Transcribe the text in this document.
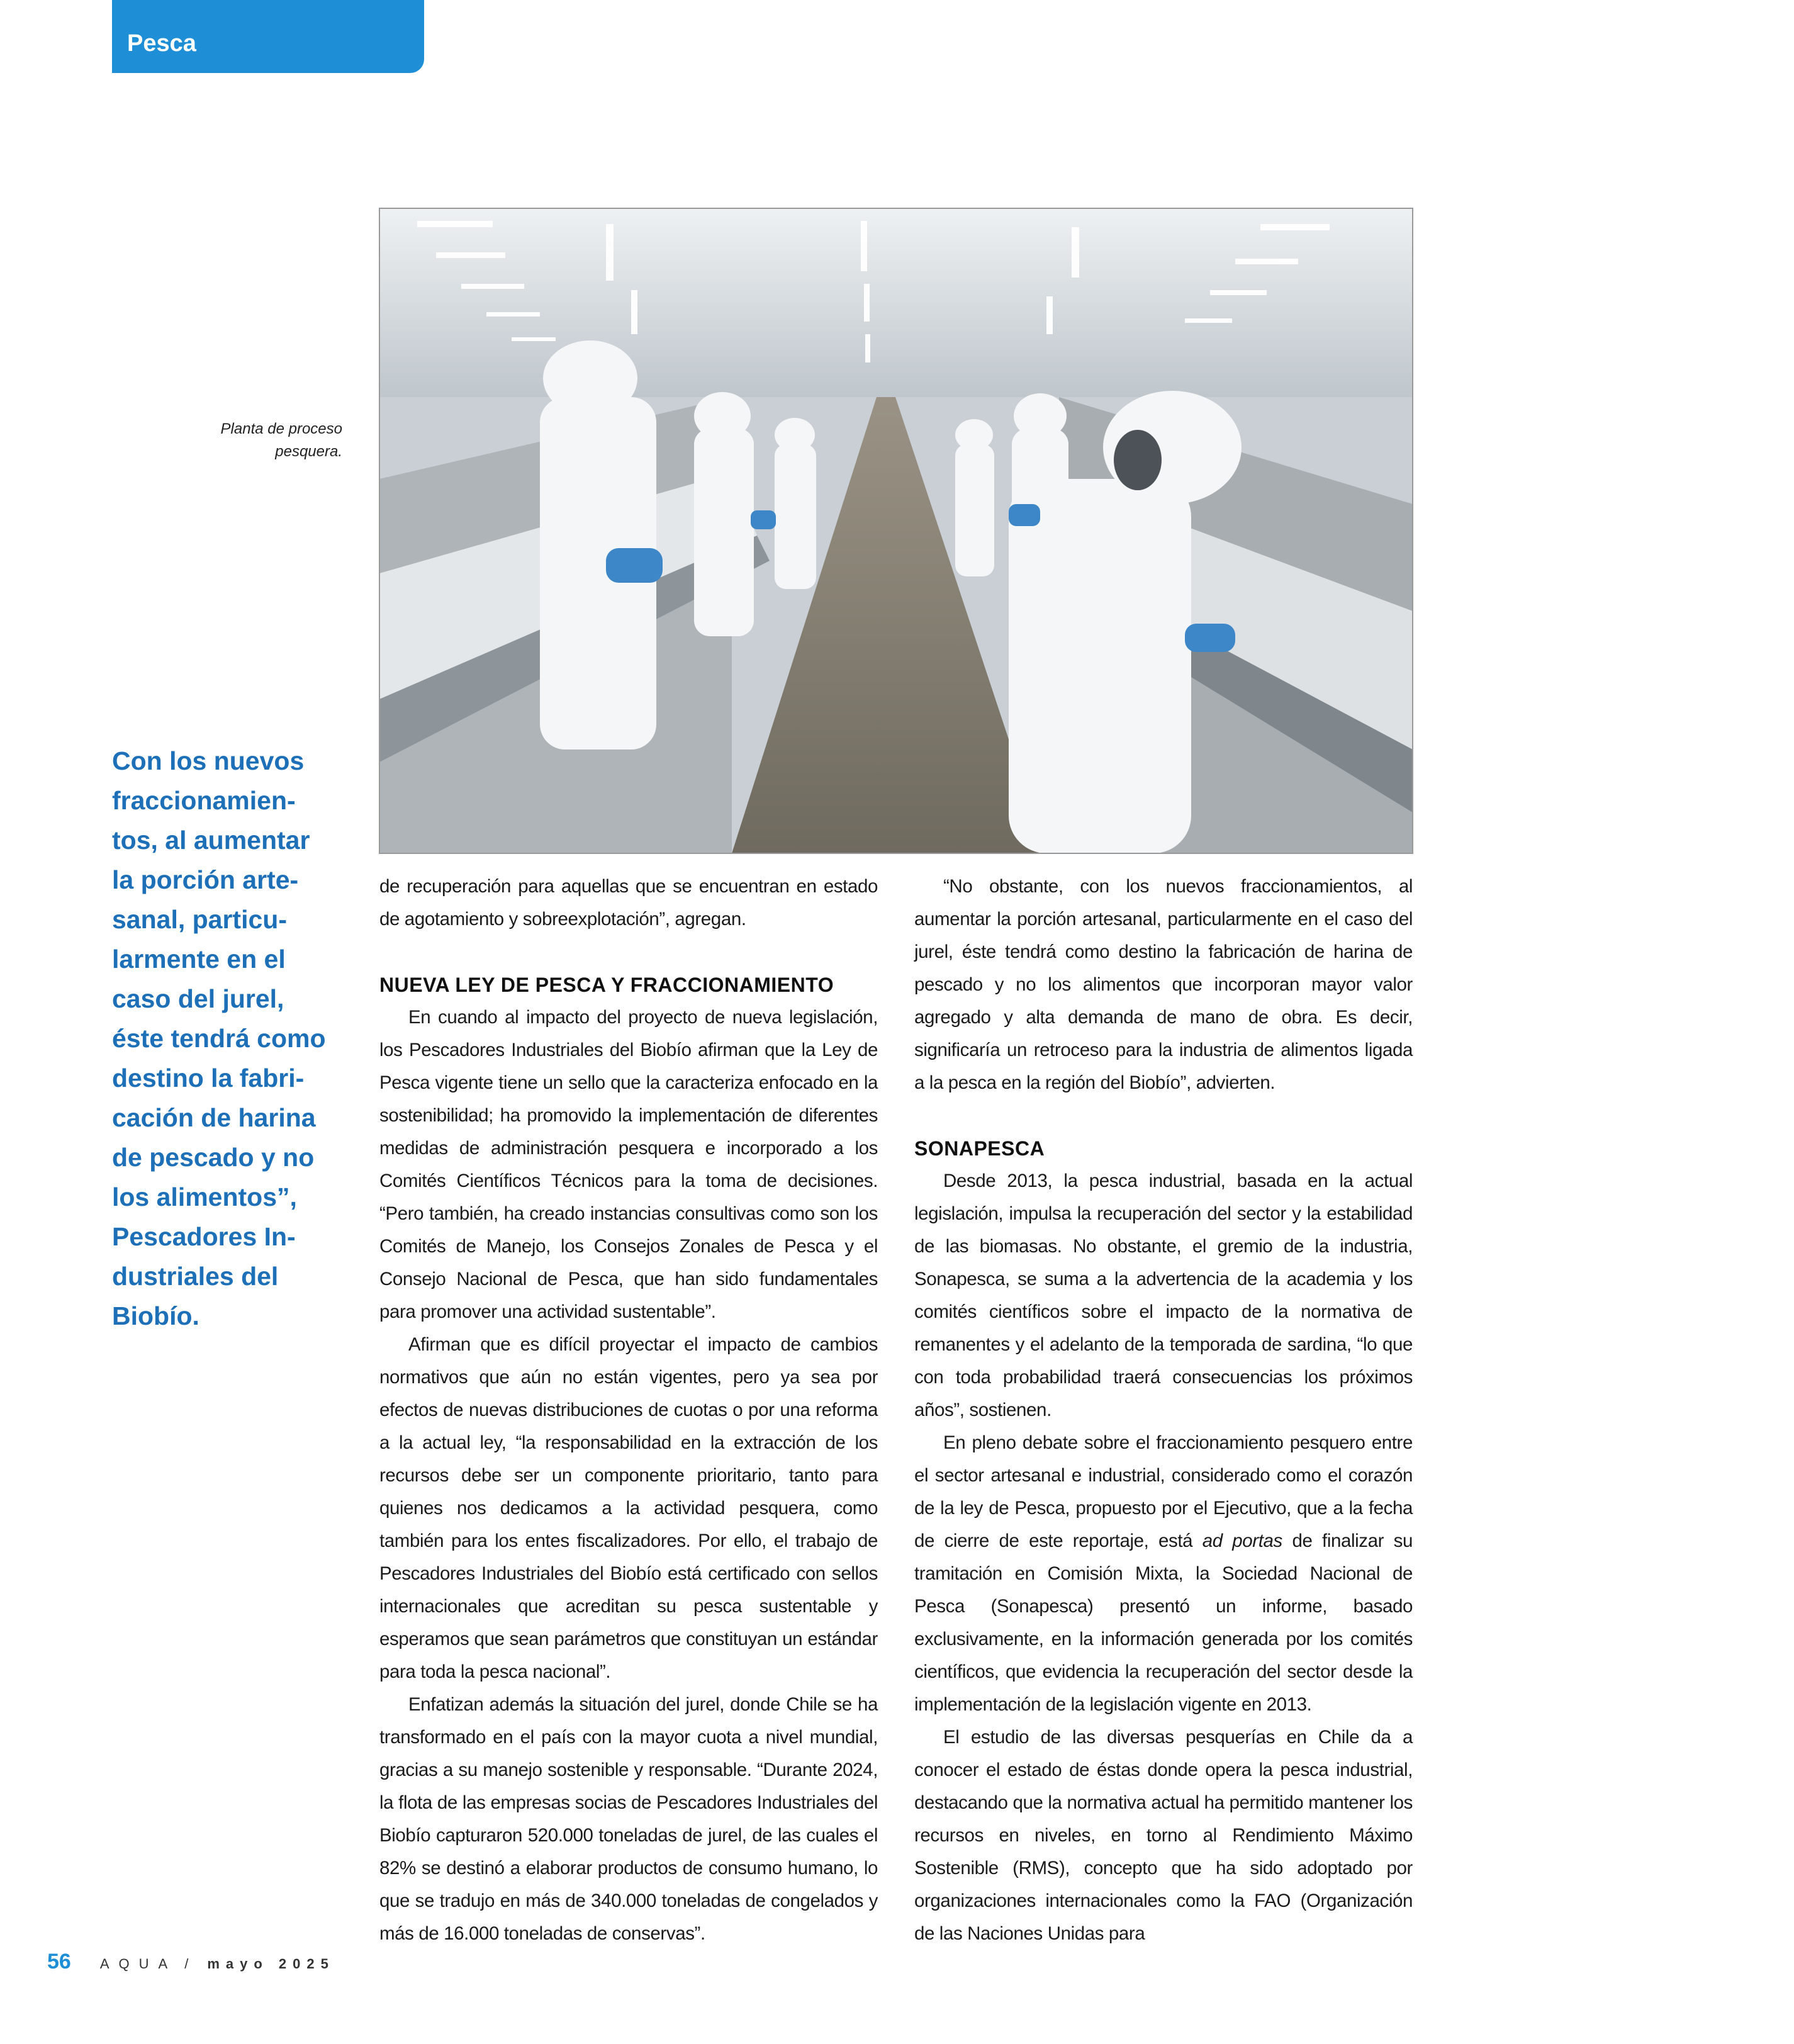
Pesca
Fotografía: Sonapesca.
Planta de proceso pesquera.

Con los nuevos

fraccionamien-

tos, al aumentar

la porción arte-

sanal, particu-

larmente en el

caso del jurel,

éste tendrá como

destino la fabri-

cación de harina

de pescado y no

los alimentos”,

Pescadores In-

dustriales del

Biobío.

de recuperación para aquellas que se encuentran en estado de agotamiento y sobreexplotación”, agregan.

NUEVA LEY DE PESCA Y FRACCIONAMIENTO

En cuando al impacto del proyecto de nueva legislación, los Pescadores Industriales del Biobío afirman que la Ley de Pesca vigente tiene un sello que la caracteriza enfocado en la sostenibilidad; ha promovido la implementación de diferentes medidas de administración pesquera e incorporado a los Comités Científicos Técnicos para la toma de decisiones. “Pero también, ha creado instancias consultivas como son los Comités de Manejo, los Consejos Zonales de Pesca y el Consejo Nacional de Pesca, que han sido fundamentales para promover una actividad sustentable”.

Afirman que es difícil proyectar el impacto de cambios normativos que aún no están vigentes, pero ya sea por efectos de nuevas distribuciones de cuotas o por una reforma a la actual ley, “la responsabilidad en la extracción de los recursos debe ser un componente prioritario, tanto para quienes nos dedicamos a la actividad pesquera, como también para los entes fiscalizadores. Por ello, el trabajo de Pescadores Industriales del Biobío está certificado con sellos internacionales que acreditan su pesca sustentable y esperamos que sean parámetros que constituyan un estándar para toda la pesca nacional”.

Enfatizan además la situación del jurel, donde Chile se ha transformado en el país con la mayor cuota a nivel mundial, gracias a su manejo sostenible y responsable. “Durante 2024, la flota de las empresas socias de Pescadores Industriales del Biobío capturaron 520.000 toneladas de jurel, de las cuales el 82% se destinó a elaborar productos de consumo humano, lo que se tradujo en más de 340.000 toneladas de congelados y más de 16.000 toneladas de conservas”.

“No obstante, con los nuevos fraccionamientos, al aumentar la porción artesanal, particularmente en el caso del jurel, éste tendrá como destino la fabricación de harina de pescado y no los alimentos que incorporan mayor valor agregado y alta demanda de mano de obra. Es decir, significaría un retroceso para la industria de alimentos ligada a la pesca en la región del Biobío”, advierten.

SONAPESCA

Desde 2013, la pesca industrial, basada en la actual legislación, impulsa la recuperación del sector y la estabilidad de las biomasas. No obstante, el gremio de la industria, Sonapesca, se suma a la advertencia de la academia y los comités científicos sobre el impacto de la normativa de remanentes y el adelanto de la temporada de sardina, “lo que con toda probabilidad traerá consecuencias los próximos años”, sostienen.

En pleno debate sobre el fraccionamiento pesquero entre el sector artesanal e industrial, considerado como el corazón de la ley de Pesca, propuesto por el Ejecutivo, que a la fecha de cierre de este reportaje, está ad portas de finalizar su tramitación en Comisión Mixta, la Sociedad Nacional de Pesca (Sonapesca) presentó un informe, basado exclusivamente, en la información generada por los comités científicos, que evidencia la recuperación del sector desde la implementación de la legislación vigente en 2013.

El estudio de las diversas pesquerías en Chile da a conocer el estado de éstas donde opera la pesca industrial, destacando que la normativa actual ha permitido mantener los recursos en niveles, en torno al Rendimiento Máximo Sostenible (RMS), concepto que ha sido adoptado por organizaciones internacionales como la FAO (Organización de las Naciones Unidas para

56 AQUA / mayo 2025
